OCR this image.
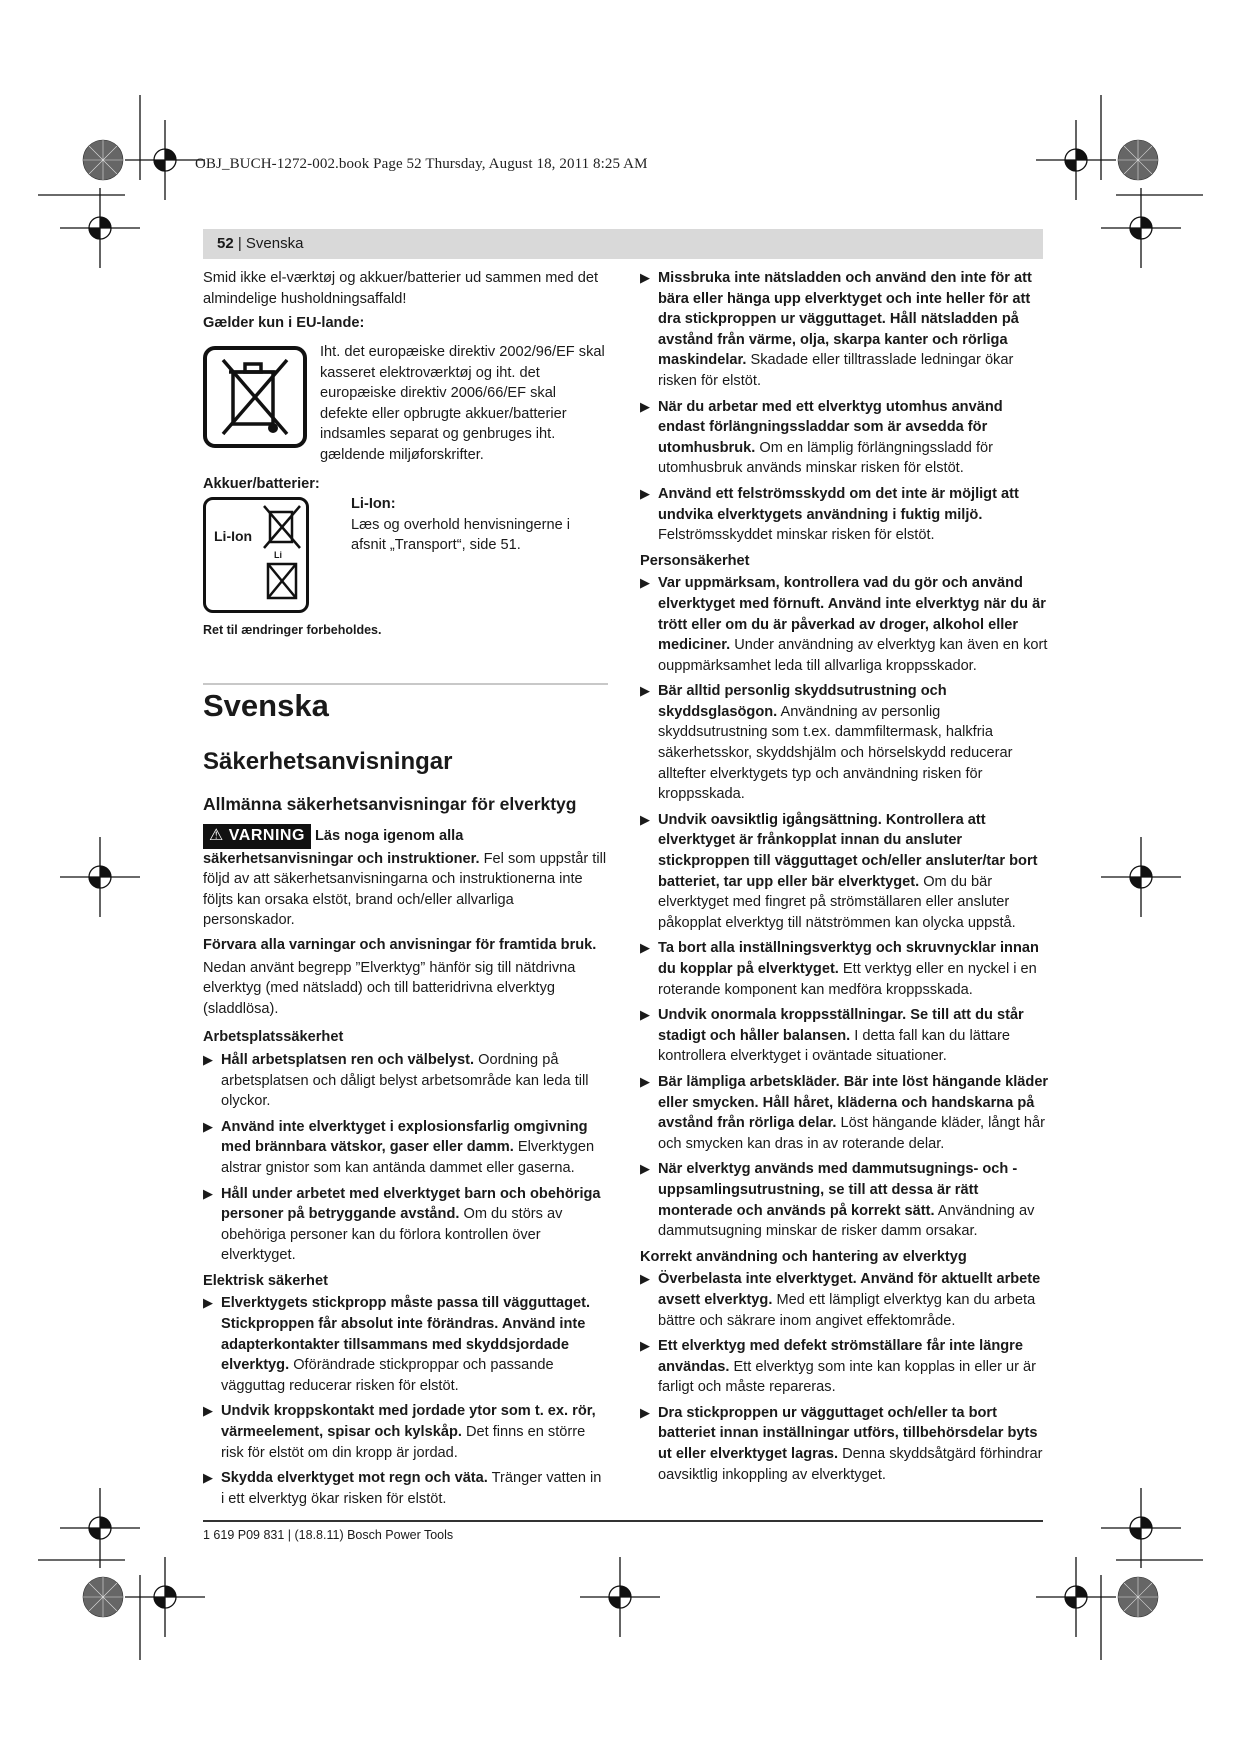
OBJ_BUCH-1272-002.book Page 52 Thursday, August 18, 2011 8:25 AM
52 | Svenska

Smid ikke el-værktøj og akkuer/batterier ud sammen med det almindelige husholdningsaffald!

Gælder kun i EU-lande:

Iht. det europæiske direktiv 2002/96/EF skal kasseret elektroværktøj og iht. det europæiske direktiv 2006/66/EF skal defekte eller opbrugte akkuer/batterier indsamles separat og genbruges iht. gældende miljøforskrifter.

Akkuer/batterier:

Li-Ion
Li

Li-Ion:

Læs og overhold henvisningerne i afsnit „Transport“, side 51.

Ret til ændringer forbeholdes.

Svenska
Säkerhetsanvisningar
Allmänna säkerhetsanvisningar för elverktyg

⚠ VARNING Läs noga igenom alla säkerhetsanvisningar och instruktioner. Fel som uppstår till följd av att säkerhetsanvisningarna och instruktionerna inte följts kan orsaka elstöt, brand och/eller allvarliga personskador.

Förvara alla varningar och anvisningar för framtida bruk.

Nedan använt begrepp ”Elverktyg” hänför sig till nätdrivna elverktyg (med nätsladd) och till batteridrivna elverktyg (sladdlösa).

Arbetsplatssäkerhet

▶ Håll arbetsplatsen ren och välbelyst. Oordning på arbetsplatsen och dåligt belyst arbetsområde kan leda till olyckor.
▶ Använd inte elverktyget i explosionsfarlig omgivning med brännbara vätskor, gaser eller damm. Elverktygen alstrar gnistor som kan antända dammet eller gaserna.
▶ Håll under arbetet med elverktyget barn och obehöriga personer på betryggande avstånd. Om du störs av obehöriga personer kan du förlora kontrollen över elverktyget.

Elektrisk säkerhet

▶ Elverktygets stickpropp måste passa till vägguttaget. Stickproppen får absolut inte förändras. Använd inte adapterkontakter tillsammans med skyddsjordade elverktyg. Oförändrade stickproppar och passande vägguttag reducerar risken för elstöt.
▶ Undvik kroppskontakt med jordade ytor som t. ex. rör, värmeelement, spisar och kylskåp. Det finns en större risk för elstöt om din kropp är jordad.
▶ Skydda elverktyget mot regn och väta. Tränger vatten in i ett elverktyg ökar risken för elstöt.
▶ Missbruka inte nätsladden och använd den inte för att bära eller hänga upp elverktyget och inte heller för att dra stickproppen ur vägguttaget. Håll nätsladden på avstånd från värme, olja, skarpa kanter och rörliga maskindelar. Skadade eller tilltrasslade ledningar ökar risken för elstöt.
▶ När du arbetar med ett elverktyg utomhus använd endast förlängningssladdar som är avsedda för utomhusbruk. Om en lämplig förlängningssladd för utomhusbruk används minskar risken för elstöt.
▶ Använd ett felströmsskydd om det inte är möjligt att undvika elverktygets användning i fuktig miljö. Felströmsskyddet minskar risken för elstöt.

Personsäkerhet

▶ Var uppmärksam, kontrollera vad du gör och använd elverktyget med förnuft. Använd inte elverktyg när du är trött eller om du är påverkad av droger, alkohol eller mediciner. Under användning av elverktyg kan även en kort ouppmärksamhet leda till allvarliga kroppsskador.
▶ Bär alltid personlig skyddsutrustning och skyddsglasögon. Användning av personlig skyddsutrustning som t.ex. dammfiltermask, halkfria säkerhetsskor, skyddshjälm och hörselskydd reducerar alltefter elverktygets typ och användning risken för kroppsskada.
▶ Undvik oavsiktlig igångsättning. Kontrollera att elverktyget är frånkopplat innan du ansluter stickproppen till vägguttaget och/eller ansluter/tar bort batteriet, tar upp eller bär elverktyget. Om du bär elverktyget med fingret på strömställaren eller ansluter påkopplat elverktyg till nätströmmen kan olycka uppstå.
▶ Ta bort alla inställningsverktyg och skruvnycklar innan du kopplar på elverktyget. Ett verktyg eller en nyckel i en roterande komponent kan medföra kroppsskada.
▶ Undvik onormala kroppsställningar. Se till att du står stadigt och håller balansen. I detta fall kan du lättare kontrollera elverktyget i oväntade situationer.
▶ Bär lämpliga arbetskläder. Bär inte löst hängande kläder eller smycken. Håll håret, kläderna och handskarna på avstånd från rörliga delar. Löst hängande kläder, långt hår och smycken kan dras in av roterande delar.
▶ När elverktyg används med dammutsugnings- och -uppsamlingsutrustning, se till att dessa är rätt monterade och används på korrekt sätt. Användning av dammutsugning minskar de risker damm orsakar.

Korrekt användning och hantering av elverktyg

▶ Överbelasta inte elverktyget. Använd för aktuellt arbete avsett elverktyg. Med ett lämpligt elverktyg kan du arbeta bättre och säkrare inom angivet effektområde.
▶ Ett elverktyg med defekt strömställare får inte längre användas. Ett elverktyg som inte kan kopplas in eller ur är farligt och måste repareras.
▶ Dra stickproppen ur vägguttaget och/eller ta bort batteriet innan inställningar utförs, tillbehörsdelar byts ut eller elverktyget lagras. Denna skyddsåtgärd förhindrar oavsiktlig inkoppling av elverktyget.
1 619 P09 831 | (18.8.11) Bosch Power Tools
